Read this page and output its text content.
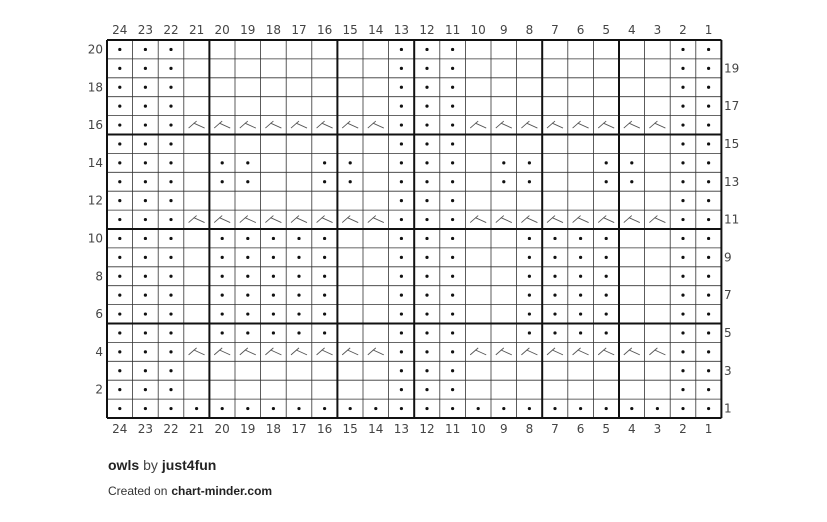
24
24
23
23
22
22
21
21
20
20
19
19
18
18
17
17
16
16
15
15
14
14
13
13
12
12
11
11
10
10
9
9
8
8
7
7
6
6
5
5
4
4
3
3
2
2
1
1
20
18
16
14
12
10
8
6
4
2
19
17
15
13
11
9
7
5
3
1
owls by just4fun
Created on chart-minder.com
